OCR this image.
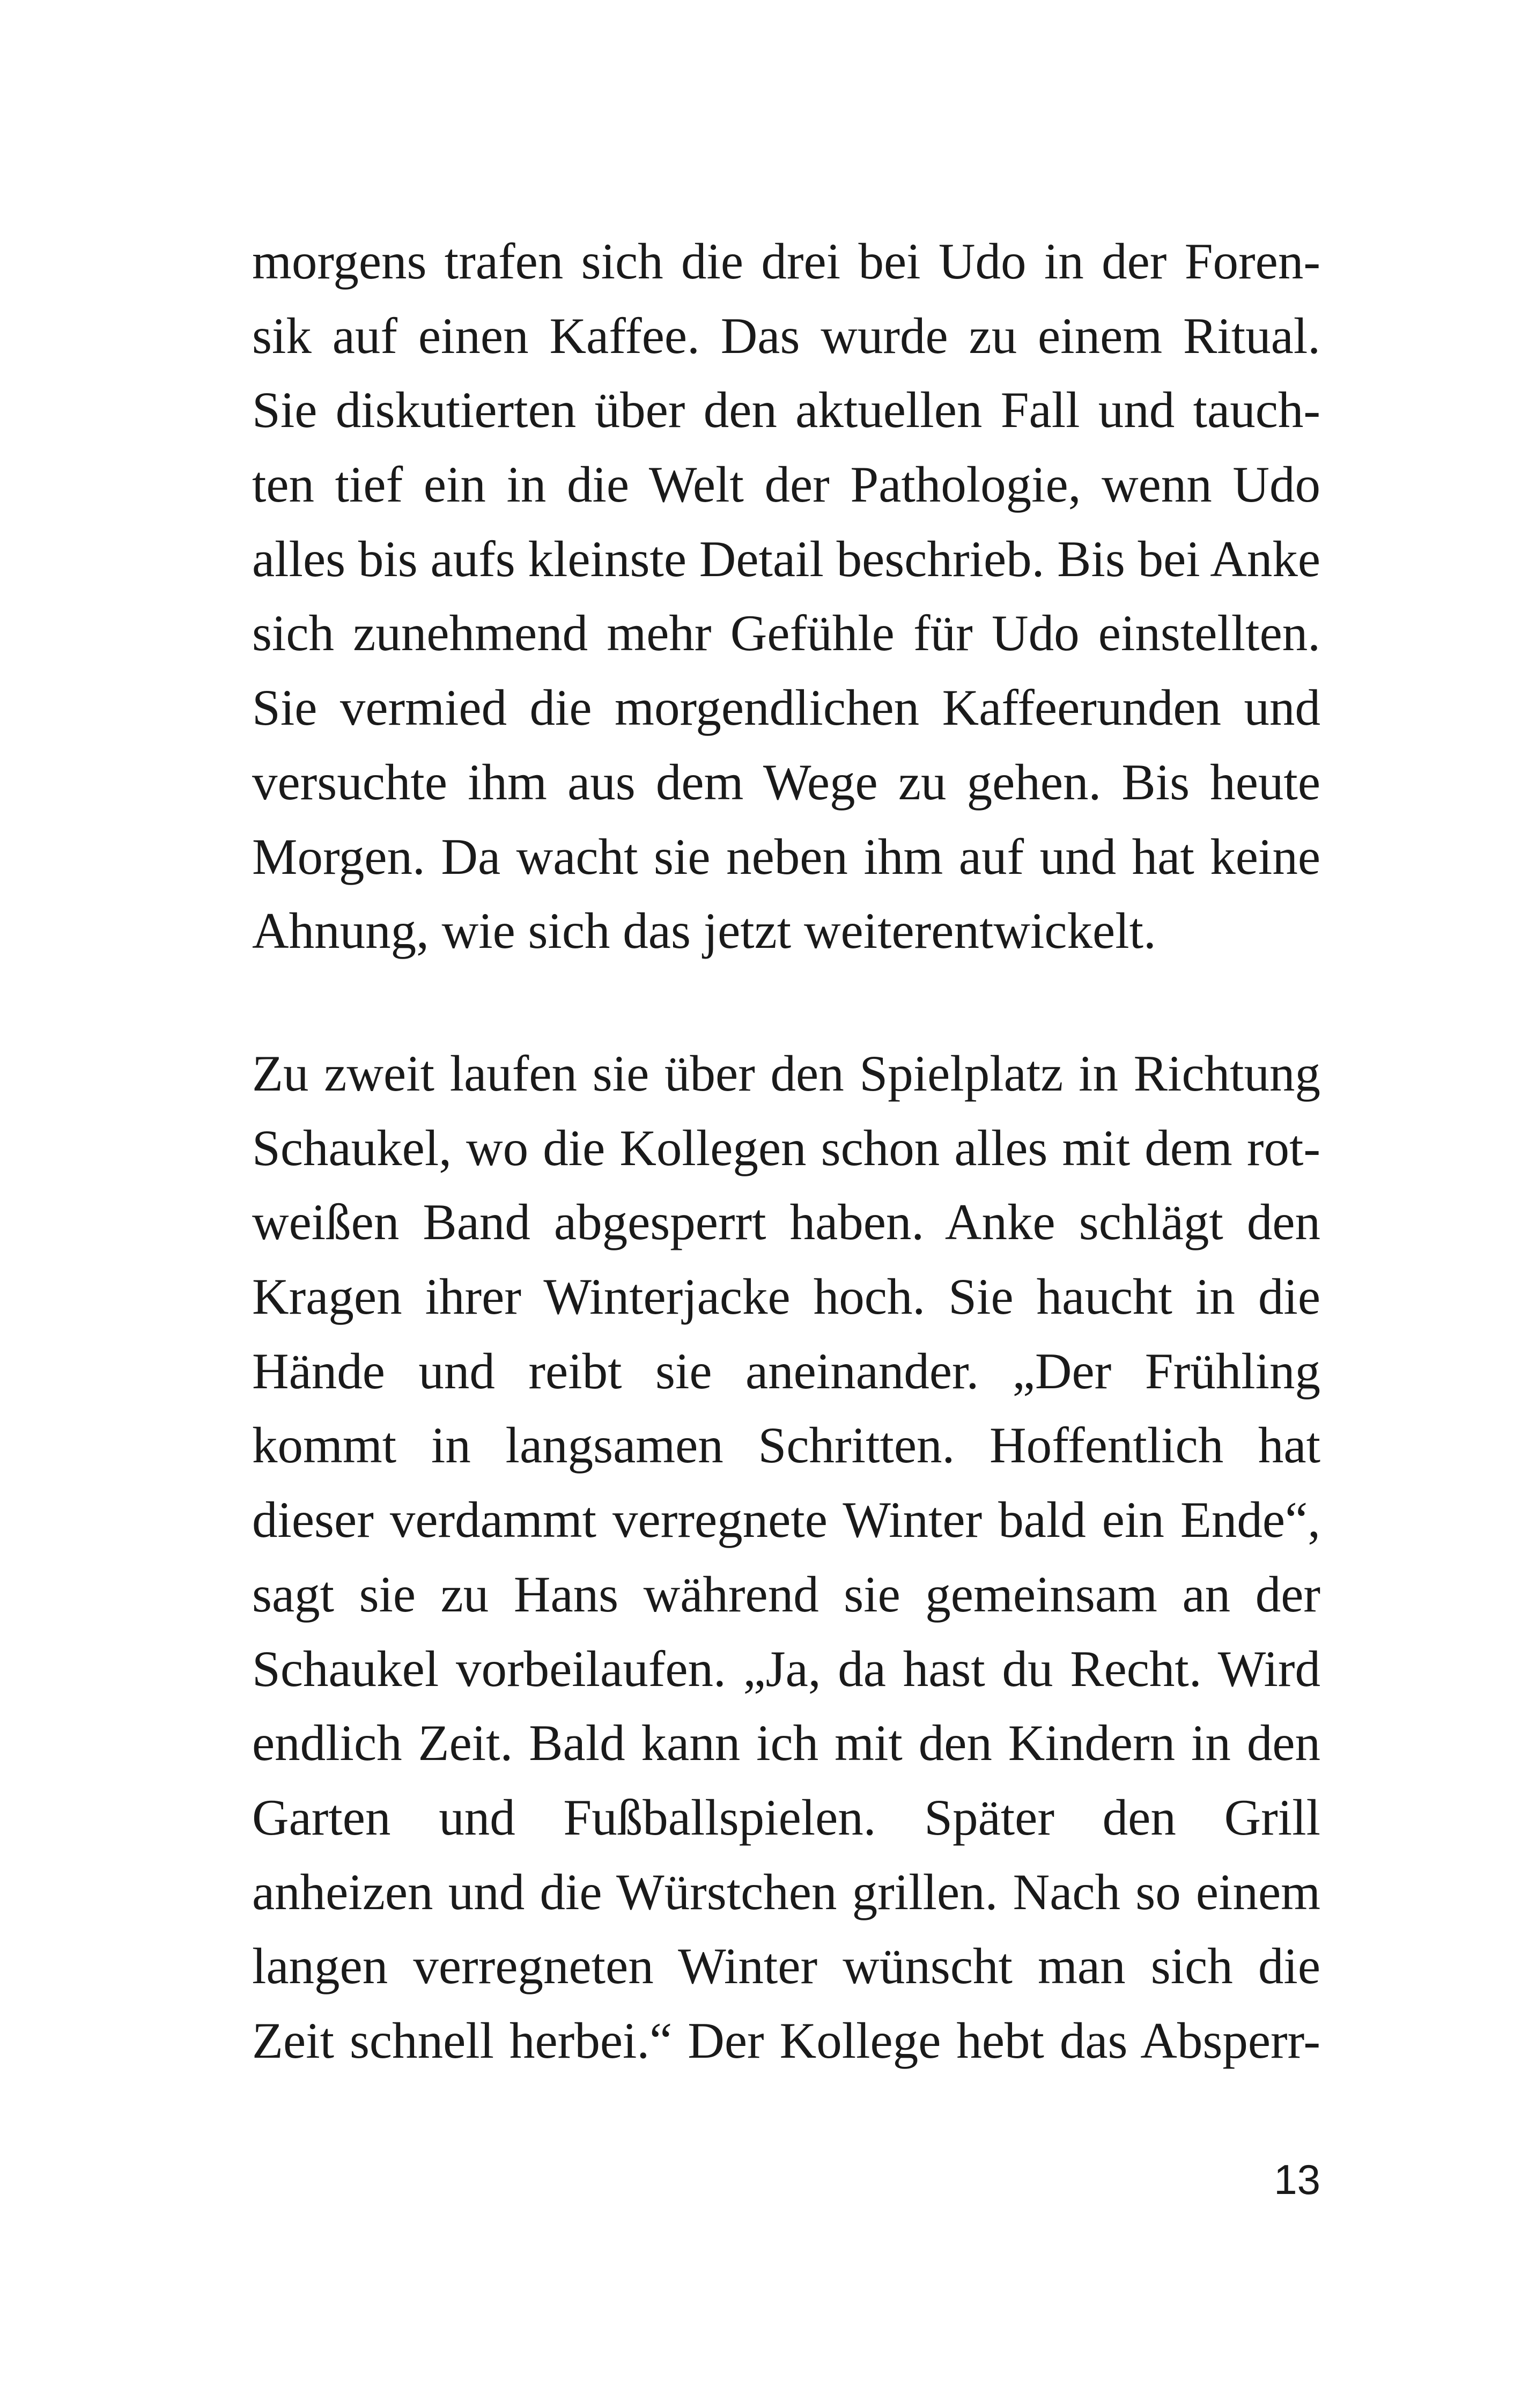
morgens trafen sich die drei bei Udo in der Foren-
sik auf einen Kaffee. Das wurde zu einem Ritual.
Sie diskutierten über den aktuellen Fall und tauch-
ten tief ein in die Welt der Pathologie, wenn Udo
alles bis aufs kleinste Detail beschrieb. Bis bei Anke
sich zunehmend mehr Gefühle für Udo einstellten.
Sie vermied die morgendlichen Kaffeerunden und
versuchte ihm aus dem Wege zu gehen. Bis heute
Morgen. Da wacht sie neben ihm auf und hat keine
Ahnung, wie sich das jetzt weiterentwickelt.
Zu zweit laufen sie über den Spielplatz in Richtung
Schaukel, wo die Kollegen schon alles mit dem rot-
weißen Band abgesperrt haben. Anke schlägt den
Kragen ihrer Winterjacke hoch. Sie haucht in die
Hände und reibt sie aneinander. „Der Frühling
kommt in langsamen Schritten. Hoffentlich hat
dieser verdammt verregnete Winter bald ein Ende“,
sagt sie zu Hans während sie gemeinsam an der
Schaukel vorbeilaufen. „Ja, da hast du Recht. Wird
endlich Zeit. Bald kann ich mit den Kindern in den
Garten und Fußballspielen. Später den Grill
anheizen und die Würstchen grillen. Nach so einem
langen verregneten Winter wünscht man sich die
Zeit schnell herbei.“ Der Kollege hebt das Absperr-
13
